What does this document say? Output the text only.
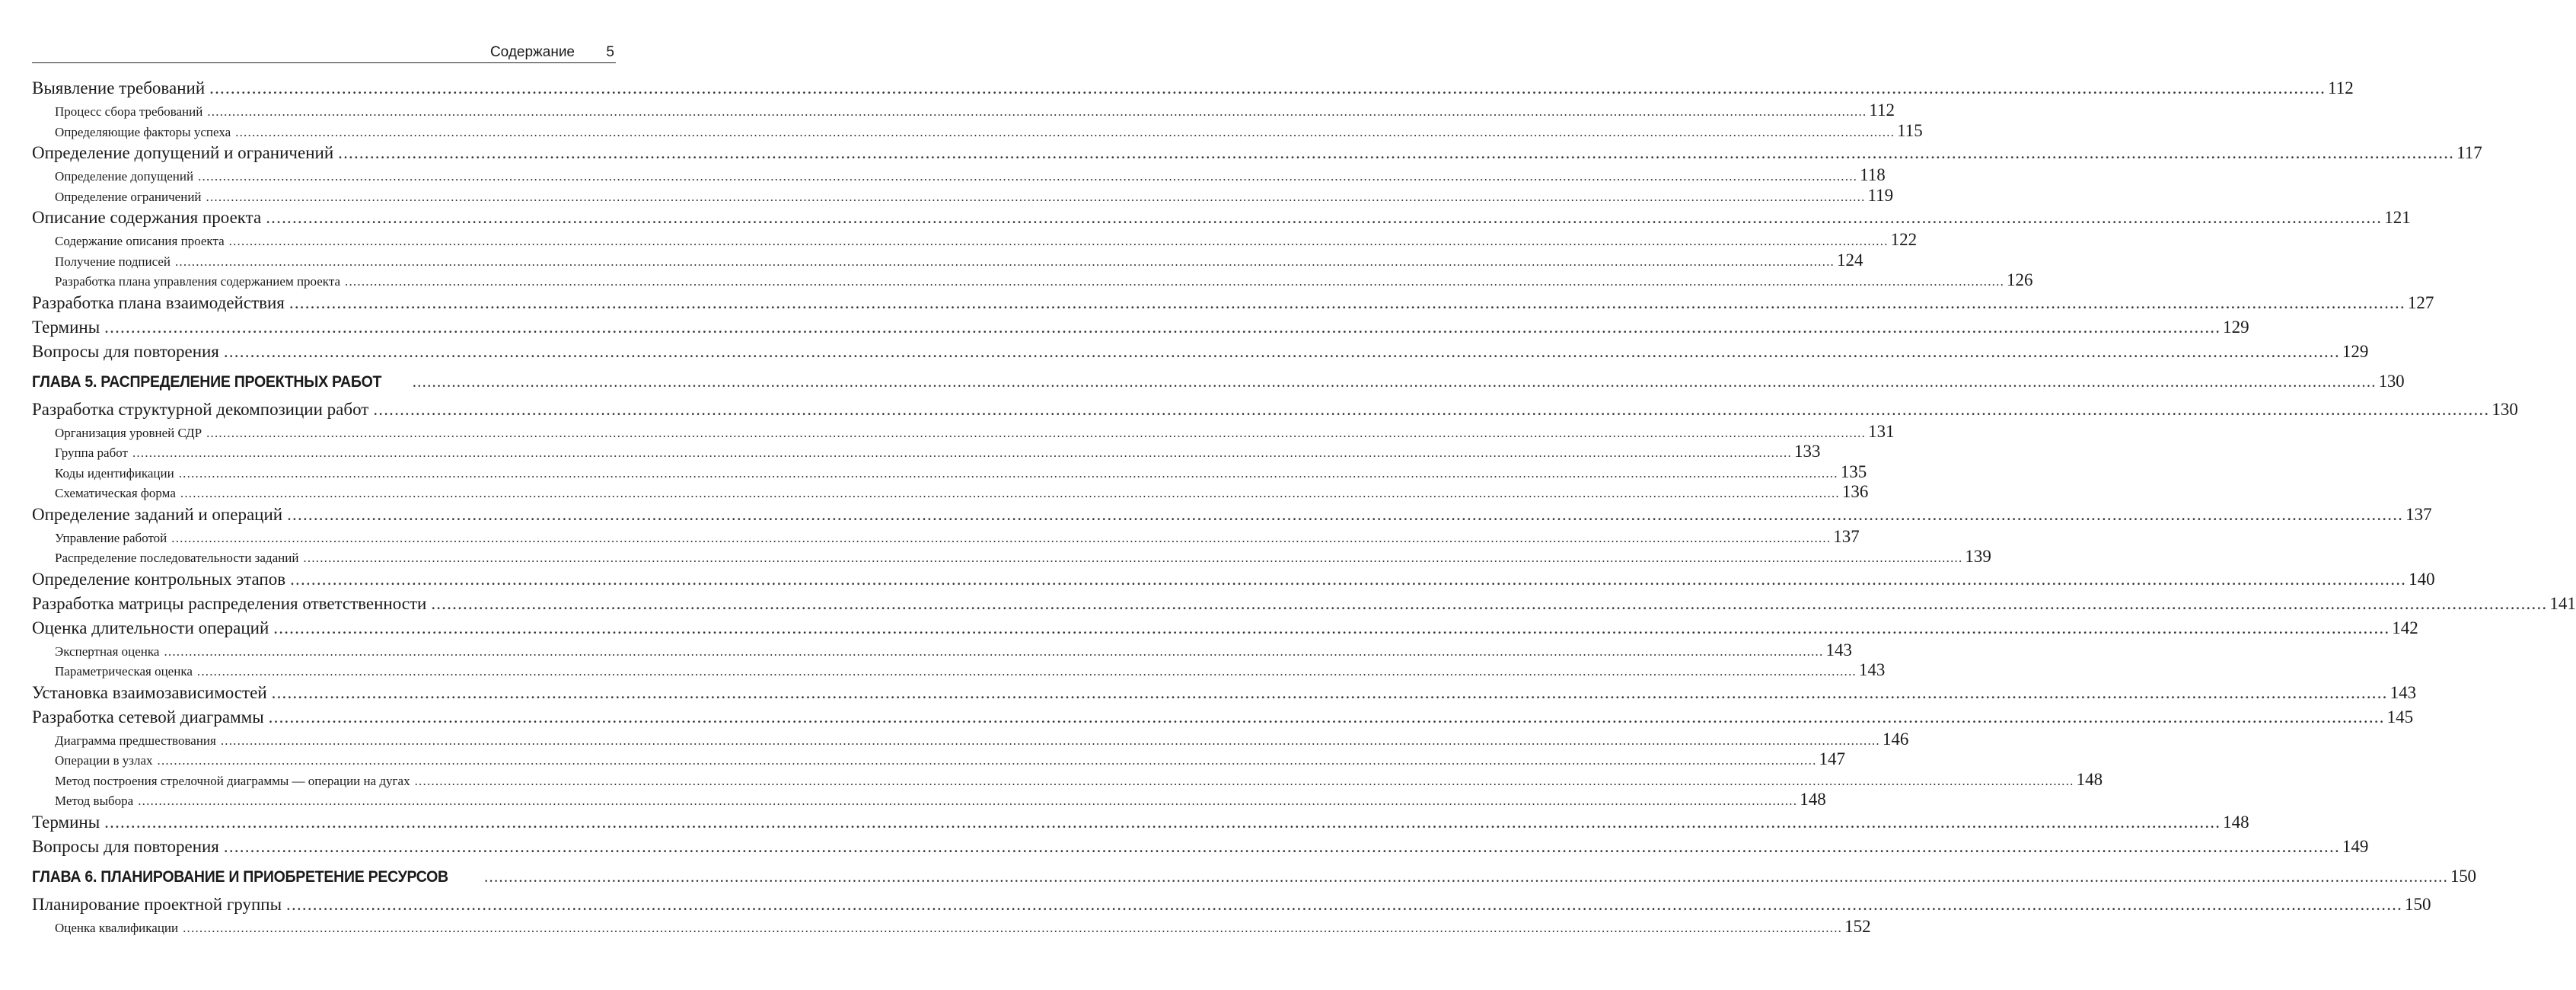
Содержание 5
Выявление требований ................................................................................................................................................................................................................................................................................................................................................................................................................ 112
Процесс сбора требований ................................................................................................................................................................................................................................................................................................................................................................................................................ 112
Определяющие факторы успеха ................................................................................................................................................................................................................................................................................................................................................................................................................ 115
Определение допущений и ограничений ................................................................................................................................................................................................................................................................................................................................................................................................................ 117
Определение допущений ................................................................................................................................................................................................................................................................................................................................................................................................................ 118
Определение ограничений ................................................................................................................................................................................................................................................................................................................................................................................................................ 119
Описание содержания проекта ................................................................................................................................................................................................................................................................................................................................................................................................................ 121
Содержание описания проекта ................................................................................................................................................................................................................................................................................................................................................................................................................ 122
Получение подписей ................................................................................................................................................................................................................................................................................................................................................................................................................ 124
Разработка плана управления содержанием проекта ................................................................................................................................................................................................................................................................................................................................................................................................................ 126
Разработка плана взаимодействия ................................................................................................................................................................................................................................................................................................................................................................................................................ 127
Термины ................................................................................................................................................................................................................................................................................................................................................................................................................ 129
Вопросы для повторения ................................................................................................................................................................................................................................................................................................................................................................................................................ 129
ГЛАВА 5. РАСПРЕДЕЛЕНИЕ ПРОЕКТНЫХ РАБОТ ................................................................................................................................................................................................................................................................................................................................................................................................................ 130
Разработка структурной декомпозиции работ ................................................................................................................................................................................................................................................................................................................................................................................................................ 130
Организация уровней СДР ................................................................................................................................................................................................................................................................................................................................................................................................................ 131
Группа работ ................................................................................................................................................................................................................................................................................................................................................................................................................ 133
Коды идентификации ................................................................................................................................................................................................................................................................................................................................................................................................................ 135
Схематическая форма ................................................................................................................................................................................................................................................................................................................................................................................................................ 136
Определение заданий и операций ................................................................................................................................................................................................................................................................................................................................................................................................................ 137
Управление работой ................................................................................................................................................................................................................................................................................................................................................................................................................ 137
Распределение последовательности заданий ................................................................................................................................................................................................................................................................................................................................................................................................................ 139
Определение контрольных этапов ................................................................................................................................................................................................................................................................................................................................................................................................................ 140
Разработка матрицы распределения ответственности ................................................................................................................................................................................................................................................................................................................................................................................................................ 141
Оценка длительности операций ................................................................................................................................................................................................................................................................................................................................................................................................................ 142
Экспертная оценка ................................................................................................................................................................................................................................................................................................................................................................................................................ 143
Параметрическая оценка ................................................................................................................................................................................................................................................................................................................................................................................................................ 143
Установка взаимозависимостей ................................................................................................................................................................................................................................................................................................................................................................................................................ 143
Разработка сетевой диаграммы ................................................................................................................................................................................................................................................................................................................................................................................................................ 145
Диаграмма предшествования ................................................................................................................................................................................................................................................................................................................................................................................................................ 146
Операции в узлах ................................................................................................................................................................................................................................................................................................................................................................................................................ 147
Метод построения стрелочной диаграммы — операции на дугах ................................................................................................................................................................................................................................................................................................................................................................................................................ 148
Метод выбора ................................................................................................................................................................................................................................................................................................................................................................................................................ 148
Термины ................................................................................................................................................................................................................................................................................................................................................................................................................ 148
Вопросы для повторения ................................................................................................................................................................................................................................................................................................................................................................................................................ 149
ГЛАВА 6. ПЛАНИРОВАНИЕ И ПРИОБРЕТЕНИЕ РЕСУРСОВ ................................................................................................................................................................................................................................................................................................................................................................................................................ 150
Планирование проектной группы ................................................................................................................................................................................................................................................................................................................................................................................................................ 150
Оценка квалификации ................................................................................................................................................................................................................................................................................................................................................................................................................ 152
